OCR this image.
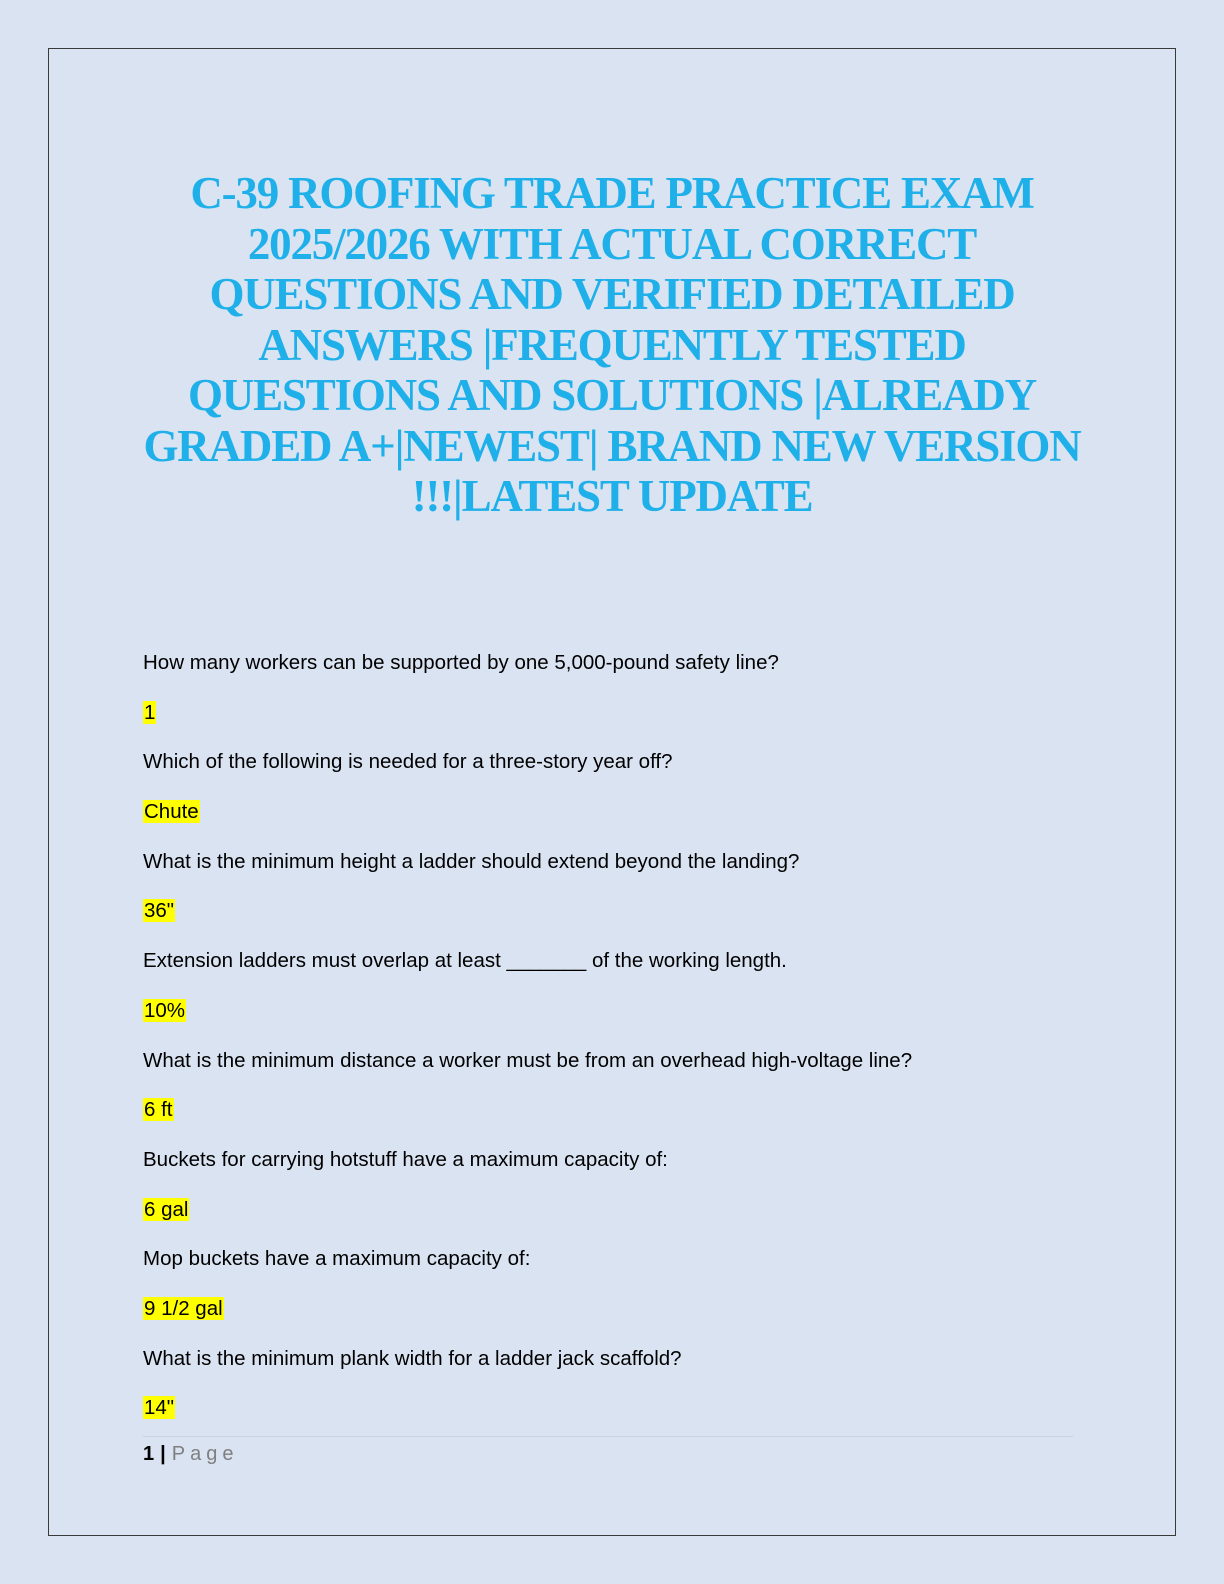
C-39 ROOFING TRADE PRACTICE EXAM
2025/2026 WITH ACTUAL CORRECT
QUESTIONS AND VERIFIED DETAILED
ANSWERS |FREQUENTLY TESTED
QUESTIONS AND SOLUTIONS |ALREADY
GRADED A+|NEWEST| BRAND NEW VERSION
!!!|LATEST UPDATE
How many workers can be supported by one 5,000-pound safety line?
1
Which of the following is needed for a three-story year off?
Chute
What is the minimum height a ladder should extend beyond the landing?
36"
Extension ladders must overlap at least _______ of the working length.
10%
What is the minimum distance a worker must be from an overhead high-voltage line?
6 ft
Buckets for carrying hotstuff have a maximum capacity of:
6 gal
Mop buckets have a maximum capacity of:
9 1/2 gal
What is the minimum plank width for a ladder jack scaffold?
14"
1 | Page
